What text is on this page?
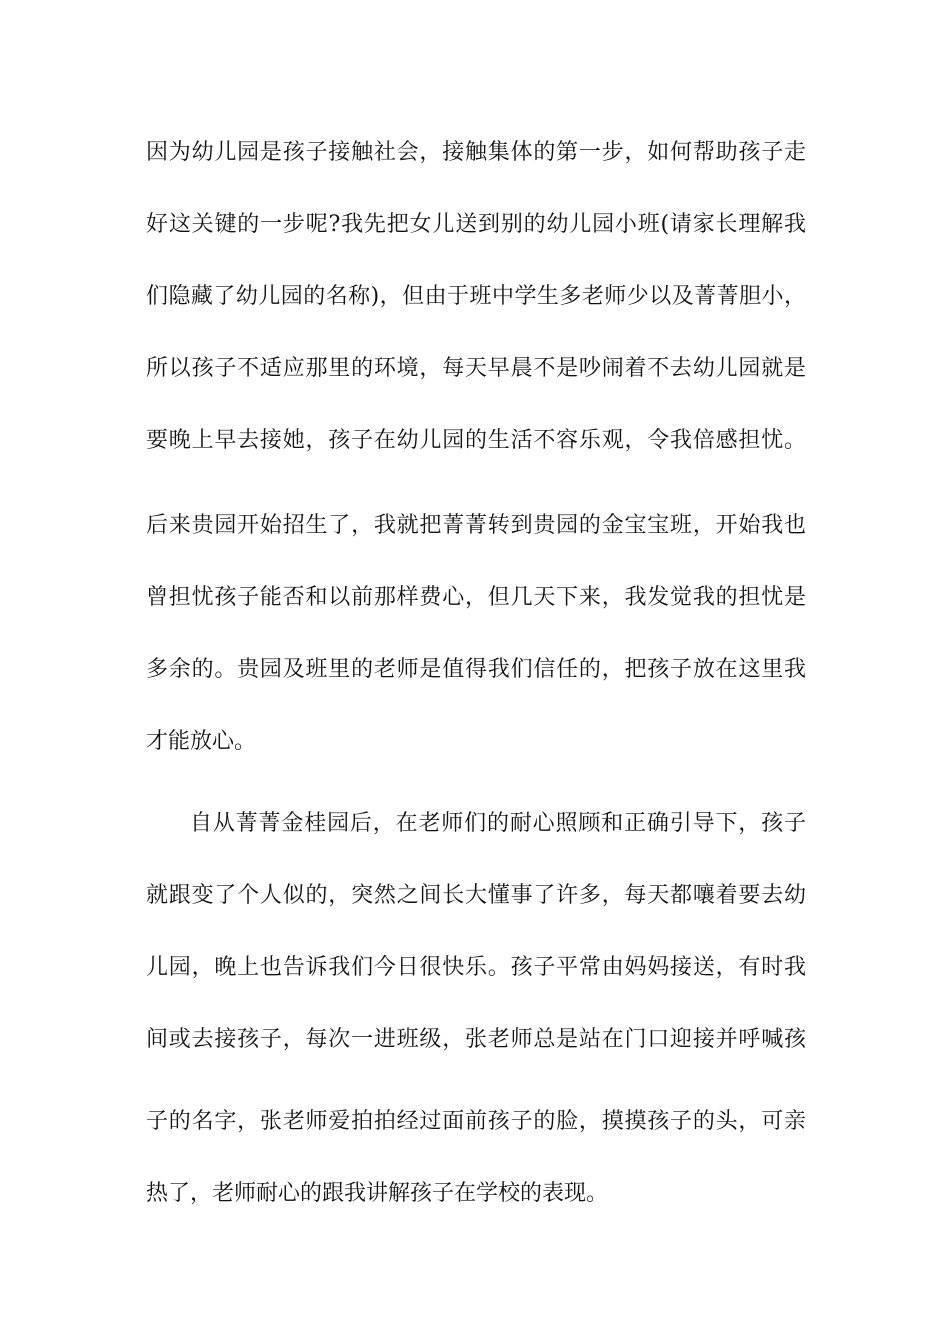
因为幼儿园是孩子接触社会，接触集体的第一步，如何帮助孩子走
好这关键的一步呢?我先把女儿送到别的幼儿园小班(请家长理解我
们隐藏了幼儿园的名称)，但由于班中学生多老师少以及菁菁胆小，
所以孩子不适应那里的环境，每天早晨不是吵闹着不去幼儿园就是
要晚上早去接她，孩子在幼儿园的生活不容乐观，令我倍感担忧。
后来贵园开始招生了，我就把菁菁转到贵园的金宝宝班，开始我也
曾担忧孩子能否和以前那样费心，但几天下来，我发觉我的担忧是
多余的。贵园及班里的老师是值得我们信任的，把孩子放在这里我
才能放心。
自从菁菁金桂园后，在老师们的耐心照顾和正确引导下，孩子
就跟变了个人似的，突然之间长大懂事了许多，每天都嚷着要去幼
儿园，晚上也告诉我们今日很快乐。孩子平常由妈妈接送，有时我
间或去接孩子，每次一进班级，张老师总是站在门口迎接并呼喊孩
子的名字，张老师爱拍拍经过面前孩子的脸，摸摸孩子的头，可亲
热了，老师耐心的跟我讲解孩子在学校的表现。
